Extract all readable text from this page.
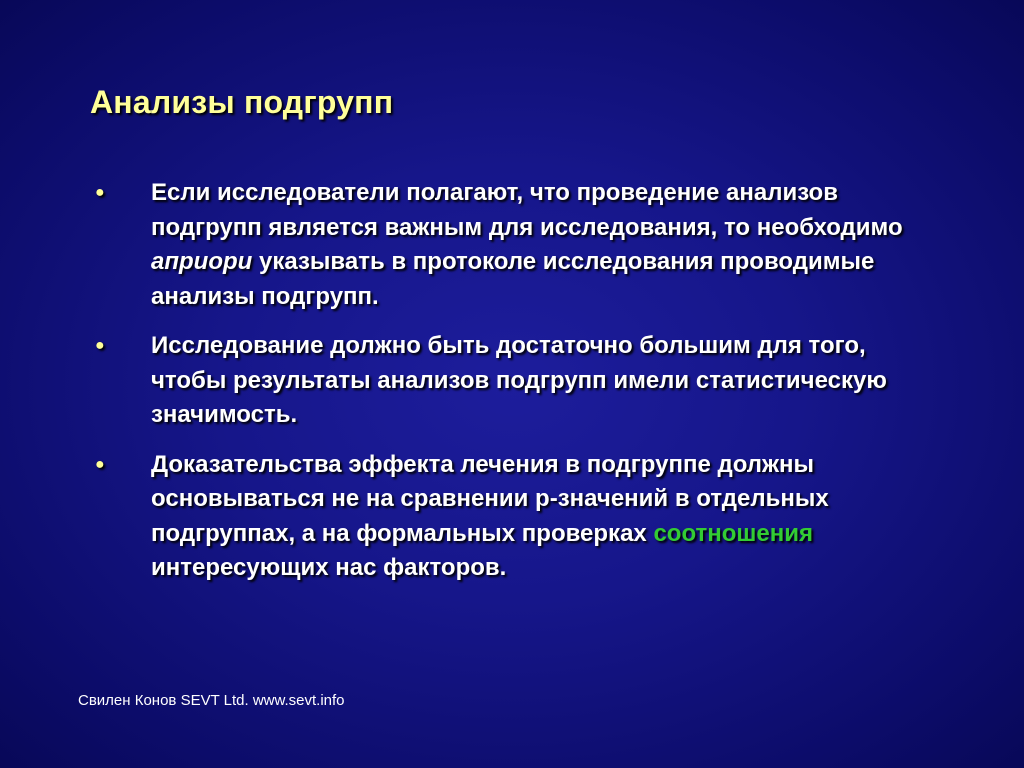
Анализы подгрупп
●	Если исследователи полагают, что проведение анализов подгрупп является важным для исследования, то необходимо априори указывать в протоколе исследования проводимые анализы подгрупп.
●	Исследование должно быть достаточно большим для того, чтобы результаты анализов подгрупп имели статистическую значимость.
●	Доказательства эффекта лечения в подгруппе должны основываться не на сравнении p-значений в отдельных подгруппах, а на формальных проверках соотношения интересующих нас факторов.
Свилен Конов SEVT Ltd. www.sevt.info
